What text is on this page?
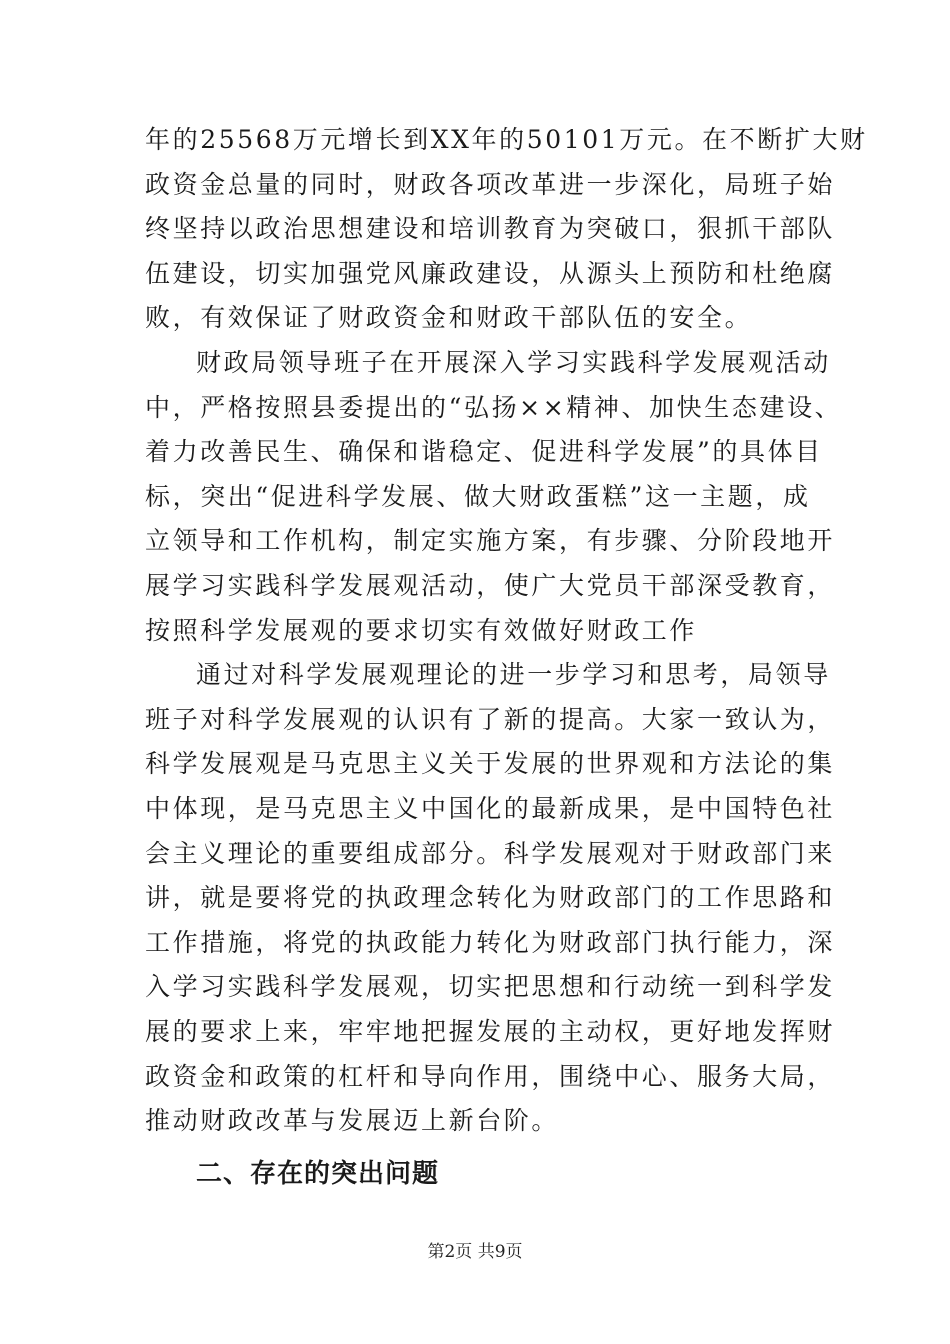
年的25568万元增长到XX年的50101万元。在不断扩大财
政资金总量的同时，财政各项改革进一步深化，局班子始
终坚持以政治思想建设和培训教育为突破口，狠抓干部队
伍建设，切实加强党风廉政建设，从源头上预防和杜绝腐
败，有效保证了财政资金和财政干部队伍的安全。
财政局领导班子在开展深入学习实践科学发展观活动
中，严格按照县委提出的“弘扬××精神、加快生态建设、
着力改善民生、确保和谐稳定、促进科学发展”的具体目
标，突出“促进科学发展、做大财政蛋糕”这一主题，成
立领导和工作机构，制定实施方案，有步骤、分阶段地开
展学习实践科学发展观活动，使广大党员干部深受教育，
按照科学发展观的要求切实有效做好财政工作
通过对科学发展观理论的进一步学习和思考，局领导
班子对科学发展观的认识有了新的提高。大家一致认为，
科学发展观是马克思主义关于发展的世界观和方法论的集
中体现，是马克思主义中国化的最新成果，是中国特色社
会主义理论的重要组成部分。科学发展观对于财政部门来
讲，就是要将党的执政理念转化为财政部门的工作思路和
工作措施，将党的执政能力转化为财政部门执行能力，深
入学习实践科学发展观，切实把思想和行动统一到科学发
展的要求上来，牢牢地把握发展的主动权，更好地发挥财
政资金和政策的杠杆和导向作用，围绕中心、服务大局，
推动财政改革与发展迈上新台阶。
二、存在的突出问题
第2页 共9页
